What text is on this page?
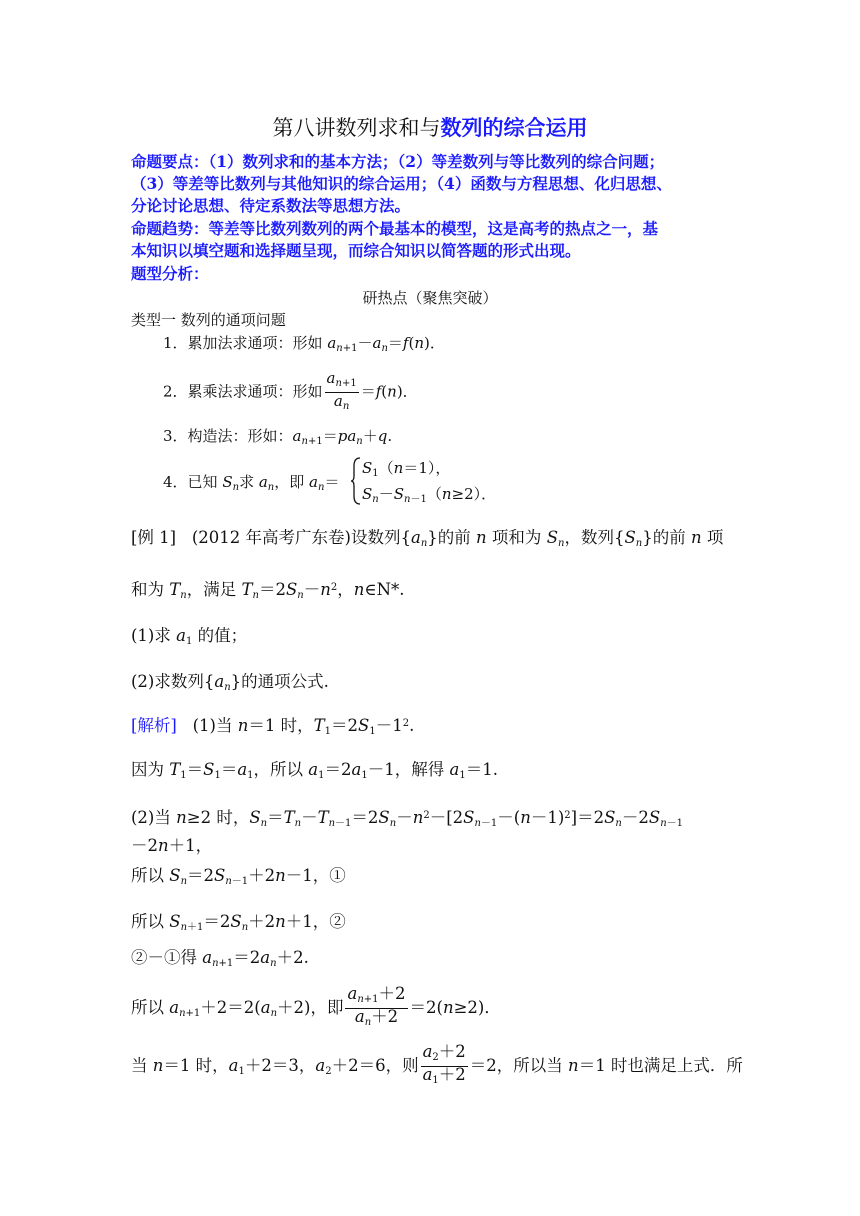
第八讲数列求和与数列的综合运用
命题要点：（1）数列求和的基本方法；（2）等差数列与等比数列的综合问题；
（3）等差等比数列与其他知识的综合运用；（4）函数与方程思想、化归思想、
分论讨论思想、待定系数法等思想方法。
命题趋势：等差等比数列数列的两个最基本的模型，这是高考的热点之一，基
本知识以填空题和选择题呈现，而综合知识以简答题的形式出现。
题型分析：
研热点（聚焦突破）
类型一 数列的通项问题
1．累加法求通项：形如 $a_{n+1}-a_n=f(n)$．
2．累乘法求通项：形如 $\frac{a_{n+1}}{a_n} =f(n)$．
3．构造法：形如：$a_{n+1}=pa_n+q$.
4．已知 $S_n$求 $a_n$，即 $a_n=$
$S_1(n=1)$，
$S_n-S_{n-1}(n\ge 2)$．
[例 1] (2012 年高考广东卷)设数列$\{a_n\}$的前 n 项和为 $S_n$，数列$\{S_n\}$的前 n 项
和为 $T_n$，满足 $T_n=2S_n-n^2$，n∈N*.
(1)求 $a_1$ 的值；
(2)求数列$\{a_n\}$的通项公式.
[解析]   (1)当 n＝1 时，$T_1=2S_1-1^2$.
因为 $T_1=S_1=a_1$，所以 $a_1=2a_1-1$，解得 $a_1=1$.
(2)当 n≥2 时，$S_n=T_n-T_{n-1}=2S_n-n^2-[2S_{n-1}-(n-1)^2]=2S_n-2S_{n-1}$
－2n＋1，
所以 $S_n=2S_{n-1}+2n-1$，①
所以 $S_{n+1}=2S_n+2n+1$，②
②－①得 $a_{n+1}=2a_n+2$.
所以 $a_{n+1}+2=2(a_n+2)$，即 $\frac{a_{n+1}+2}{a_n+2} =2(n\ge 2)$．
当 n＝1 时，$a_1+2=3$，$a_2+2=6$，则 $\frac{a_2+2}{a_1+2} =2$，所以当 n＝1 时也满足上式．所
